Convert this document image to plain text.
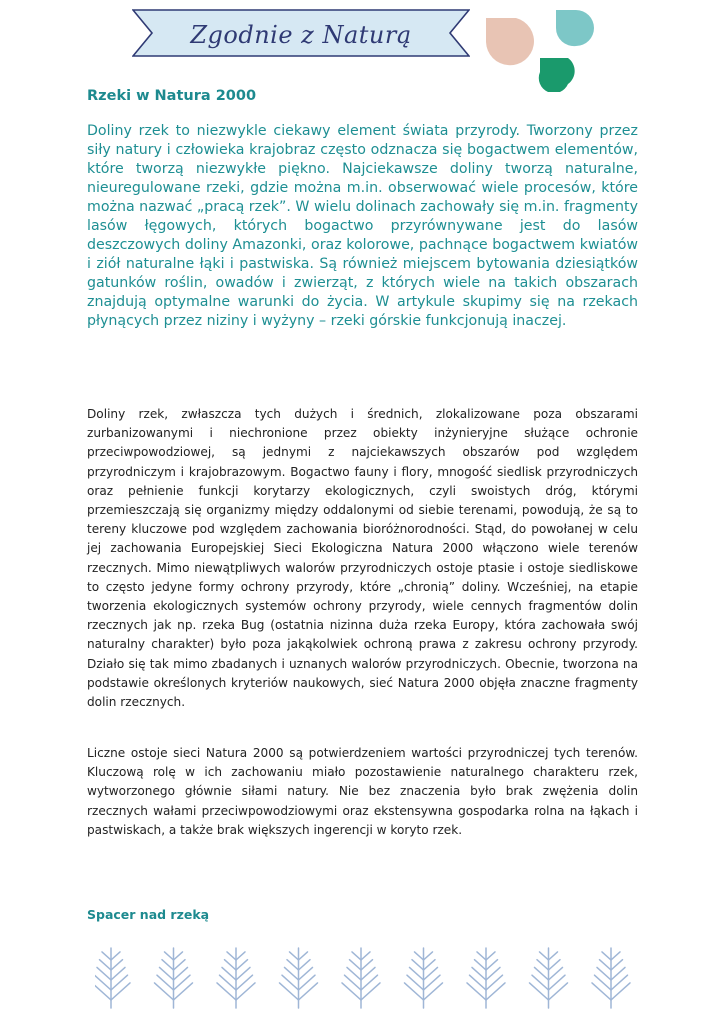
Zgodnie z Naturą
Rzeki w Natura 2000

Doliny rzek to niezwykle ciekawy element świata przyrody. Tworzony przez siły natury i człowieka krajobraz często odznacza się bogactwem elementów, które tworzą niezwykłe piękno. Najciekawsze doliny tworzą naturalne, nieuregulowane rzeki, gdzie można m.in. obserwować wiele procesów, które można nazwać „pracą rzek”. W wielu dolinach zachowały się m.in. fragmenty lasów łęgowych, których bogactwo przyrównywane jest do lasów deszczowych doliny Amazonki, oraz kolorowe, pachnące bogactwem kwiatów i ziół naturalne łąki i pastwiska. Są również miejscem bytowania dziesiątków gatunków roślin, owadów i zwierząt, z których wiele na takich obszarach znajdują optymalne warunki do życia. W artykule skupimy się na rzekach płynących przez niziny i wyżyny – rzeki górskie funkcjonują inaczej.

Doliny rzek, zwłaszcza tych dużych i średnich, zlokalizowane poza obszarami zurbanizowanymi i niechronione przez obiekty inżynieryjne służące ochronie przeciwpowodziowej, są jednymi z najciekawszych obszarów pod względem przyrodniczym i krajobrazowym. Bogactwo fauny i flory, mnogość siedlisk przyrodniczych oraz pełnienie funkcji korytarzy ekologicznych, czyli swoistych dróg, którymi przemieszczają się organizmy między oddalonymi od siebie terenami, powodują, że są to tereny kluczowe pod względem zachowania bioróżnorodności. Stąd, do powołanej w celu jej zachowania Europejskiej Sieci Ekologiczna Natura 2000 włączono wiele terenów rzecznych. Mimo niewątpliwych walorów przyrodniczych ostoje ptasie i ostoje siedliskowe to często jedyne formy ochrony przyrody, które „chronią” doliny. Wcześniej, na etapie tworzenia ekologicznych systemów ochrony przyrody, wiele cennych fragmentów dolin rzecznych jak np. rzeka Bug (ostatnia nizinna duża rzeka Europy, która zachowała swój naturalny charakter) było poza jakąkolwiek ochroną prawa z zakresu ochrony przyrody. Działo się tak mimo zbadanych i uznanych walorów przyrodniczych. Obecnie, tworzona na podstawie określonych kryteriów naukowych, sieć Natura 2000 objęła znaczne fragmenty dolin rzecznych.

Liczne ostoje sieci Natura 2000 są potwierdzeniem wartości przyrodniczej tych terenów. Kluczową rolę w ich zachowaniu miało pozostawienie naturalnego charakteru rzek, wytworzonego głównie siłami natury. Nie bez znaczenia było brak zwężenia dolin rzecznych wałami przeciwpowodziowymi oraz ekstensywna gospodarka rolna na łąkach i pastwiskach, a także brak większych ingerencji w koryto rzek.

Spacer nad rzeką
